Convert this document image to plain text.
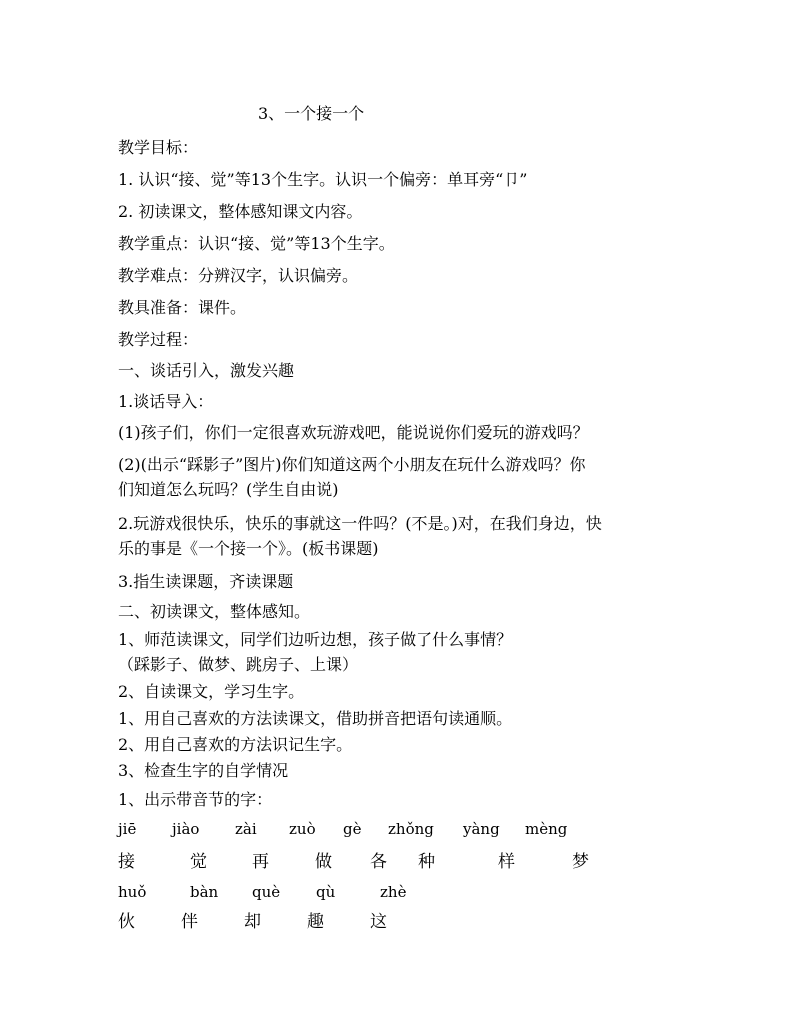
3、一个接一个
教学目标：
1. 认识“接、觉”等13个生字。认识一个偏旁：单耳旁“卩”
2. 初读课文，整体感知课文内容。
教学重点：认识“接、觉”等13个生字。
教学难点：分辨汉字，认识偏旁。
教具准备：课件。
教学过程：
一、谈话引入，激发兴趣
1.谈话导入：
(1)孩子们，你们一定很喜欢玩游戏吧，能说说你们爱玩的游戏吗？
(2)(出示“踩影子”图片)你们知道这两个小朋友在玩什么游戏吗？你
们知道怎么玩吗？(学生自由说)
2.玩游戏很快乐，快乐的事就这一件吗？(不是。)对，在我们身边，快
乐的事是《一个接一个》。(板书课题)
3.指生读课题，齐读课题
二、初读课文，整体感知。
1、师范读课文，同学们边听边想，孩子做了什么事情？
（踩影子、做梦、跳房子、上课）
2、自读课文，学习生字。
1、用自己喜欢的方法读课文，借助拼音把语句读通顺。
2、用自己喜欢的方法识记生字。
3、检查生字的自学情况
1、出示带音节的字：
jiē jiào zài zuò gè zhǒng yàng mèng
接	觉	再	做 各 种	样	梦
huǒ	bàn què qù	zhè
伙	伴	却	趣	这
